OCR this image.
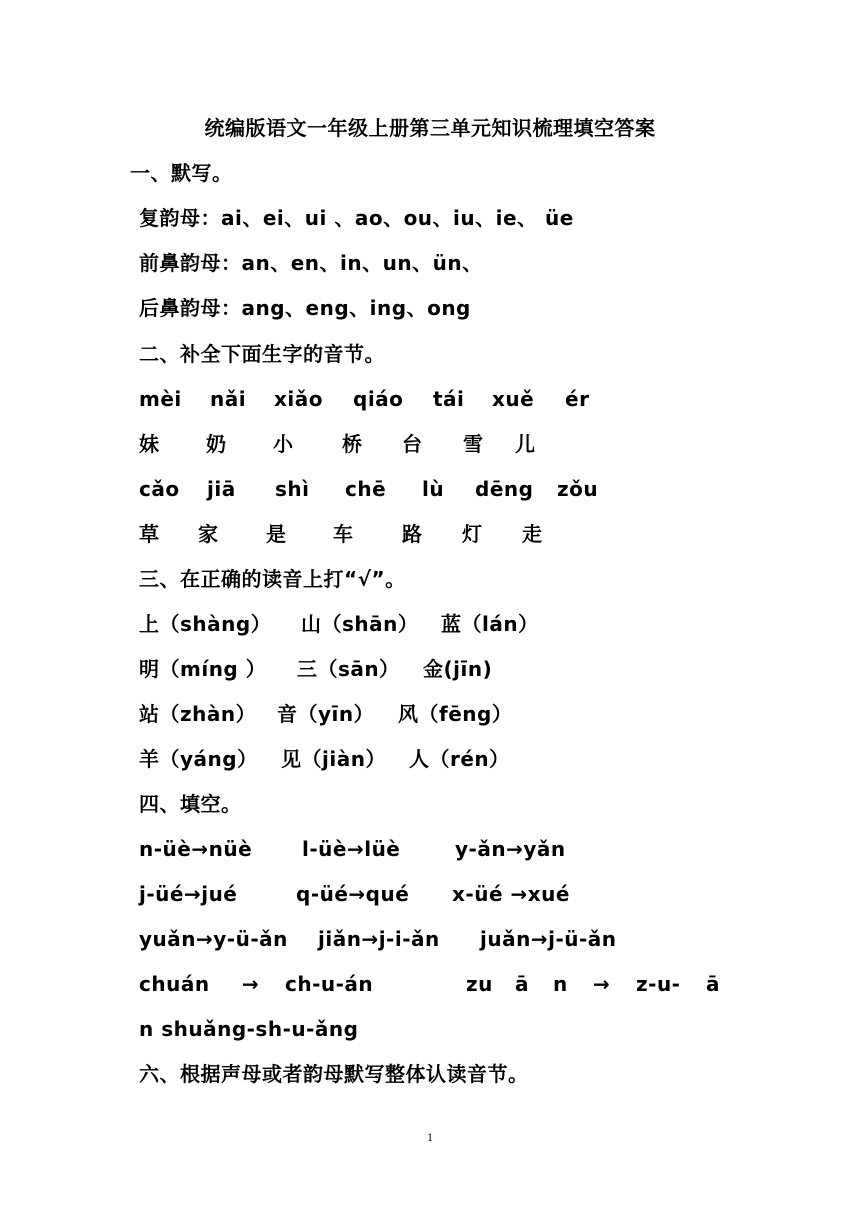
统编版语文一年级上册第三单元知识梳理填空答案
一、默写。
复韵母：ai、ei、ui 、ao、ou、iu、ie、 üe
前鼻韵母：an、en、in、un、ün、
后鼻韵母：ang、eng、ing、ong
二、补全下面生字的音节。
mèi nǎi xiǎo qiáo tái xuě ér
妹 奶 小 桥 台 雪 儿
cǎo jiā shì chē lù dēng zǒu
草 家 是 车 路 灯 走
三、在正确的读音上打“√”。
上（shàng） 山（shān） 蓝（lán）
明（míng ） 三（sān） 金(jīn)
站（zhàn） 音（yīn） 风（fēng）
羊（yáng） 见（jiàn） 人（rén）
四、填空。
n-üè→nüè l-üè→lüè	y-ǎn→yǎn
j-üé→jué	q-üé→qué x-üé →xué
yuǎn→y-ü-ǎn jiǎn→j-i-ǎn juǎn→j-ü-ǎn
chuán → ch-u-án	zu ā n → z-u- ā
n shuǎng-sh-u-ǎng
六、根据声母或者韵母默写整体认读音节。
1
